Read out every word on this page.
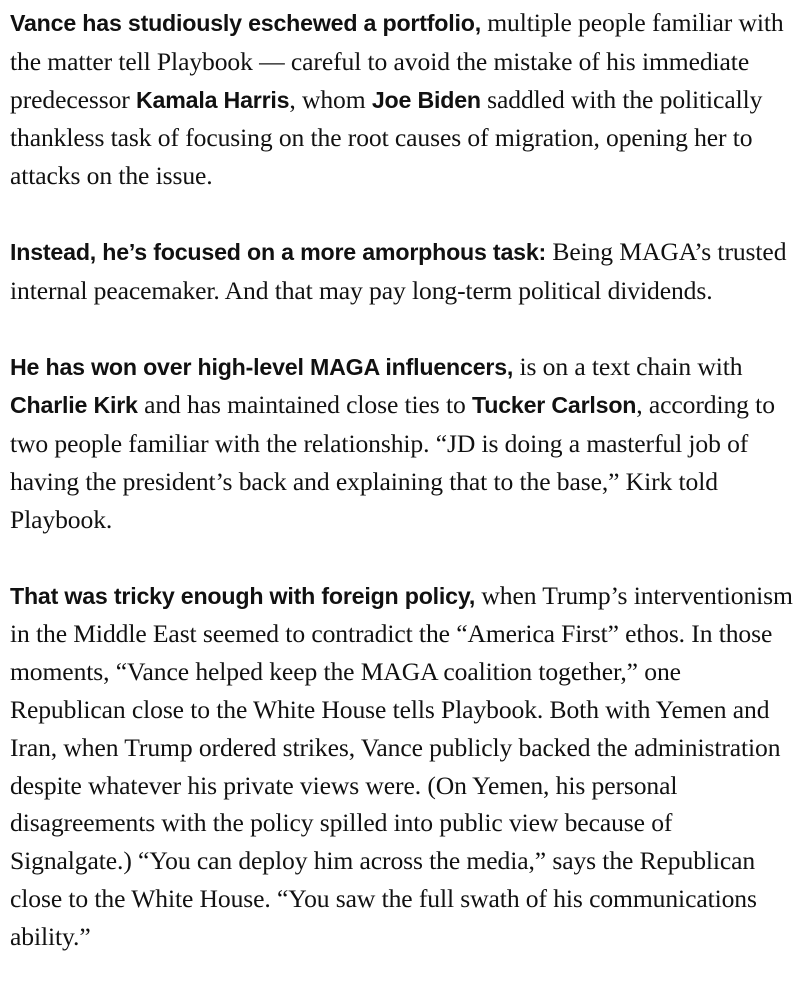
Vance has studiously eschewed a portfolio, multiple people familiar with the matter tell Playbook — careful to avoid the mistake of his immediate predecessor Kamala Harris, whom Joe Biden saddled with the politically thankless task of focusing on the root causes of migration, opening her to attacks on the issue.

Instead, he’s focused on a more amorphous task: Being MAGA’s trusted internal peacemaker. And that may pay long-term political dividends.

He has won over high-level MAGA influencers, is on a text chain with Charlie Kirk and has maintained close ties to Tucker Carlson, according to two people familiar with the relationship. “JD is doing a masterful job of having the president’s back and explaining that to the base,” Kirk told Playbook.

That was tricky enough with foreign policy, when Trump’s interventionism in the Middle East seemed to contradict the “America First” ethos. In those moments, “Vance helped keep the MAGA coalition together,” one Republican close to the White House tells Playbook. Both with Yemen and Iran, when Trump ordered strikes, Vance publicly backed the administration despite whatever his private views were. (On Yemen, his personal disagreements with the policy spilled into public view because of Signalgate.) “You can deploy him across the media,” says the Republican close to the White House. “You saw the full swath of his communications ability.”
